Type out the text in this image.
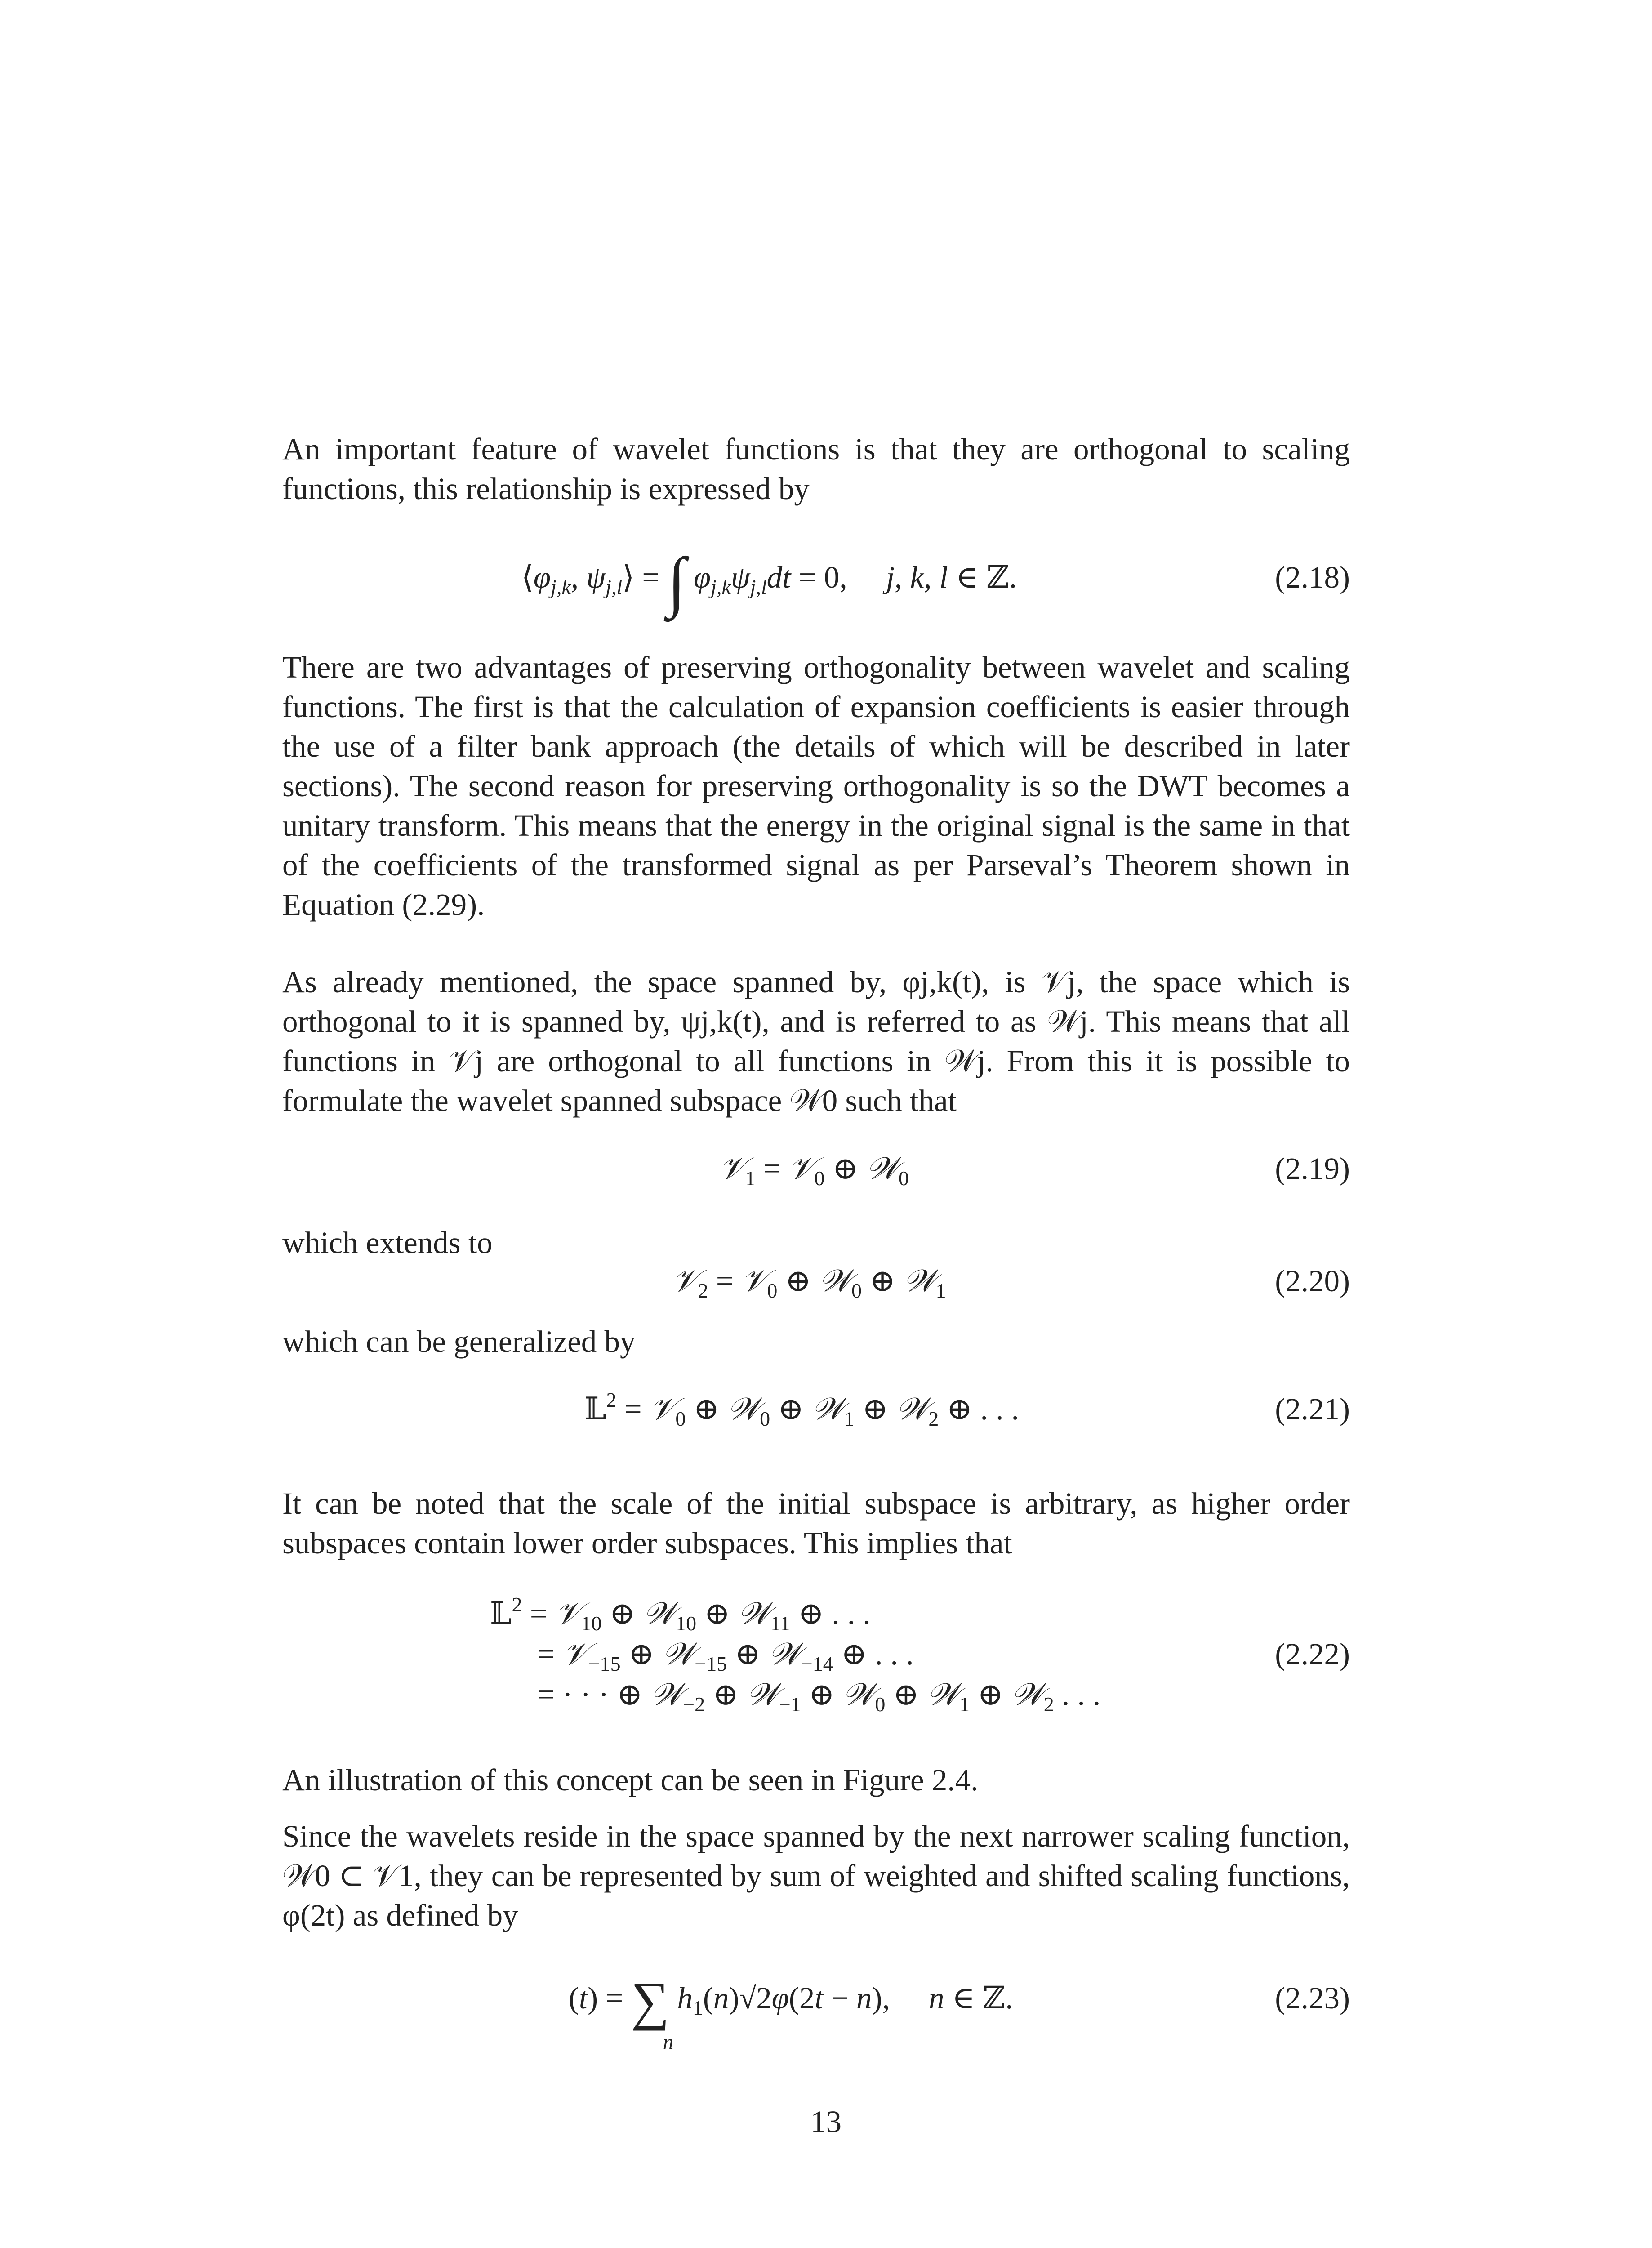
An important feature of wavelet functions is that they are orthogonal to scaling functions, this relationship is expressed by

$⟨\varphi_{j,k}$, $\psi_{j,l}⟩$ = ∫ $\varphi_{j,k}\psi_{j,l}dt = 0$,     j, k, l ∈ ℤ.	(2.18)

There are two advantages of preserving orthogonality between wavelet and scaling functions. The first is that the calculation of expansion coefficients is easier through the use of a filter bank approach (the details of which will be described in later sections). The second reason for preserving orthogonality is so the DWT becomes a unitary transform. This means that the energy in the original signal is the same in that of the coefficients of the transformed signal as per Parseval’s Theorem shown in Equation (2.29).

As already mentioned, the space spanned by, φj,k(t), is 𝒱j, the space which is orthogonal to it is spanned by, ψj,k(t), and is referred to as 𝒲j. This means that all functions in 𝒱j are orthogonal to all functions in 𝒲j. From this it is possible to formulate the wavelet spanned subspace 𝒲0 such that

𝒱$_1$ = 𝒱$_0$ ⊕ 𝒲$_0$	(2.19)

which extends to

𝒱$_2$ = 𝒱$_0$ ⊕ 𝒲$_0$ ⊕ 𝒲$_1$	(2.20)

which can be generalized by

𝕃$^2$ = 𝒱$_0$ ⊕ 𝒲$_0$ ⊕ 𝒲$_1$ ⊕ 𝒲$_2$ ⊕ . . .	(2.21)

It can be noted that the scale of the initial subspace is arbitrary, as higher order subspaces contain lower order subspaces. This implies that

𝕃$^2$ = 𝒱$_{10}$ ⊕ 𝒲$_{10}$ ⊕ 𝒲$_{11}$ ⊕ . . .
= 𝒱$_{-15}$ ⊕ 𝒲$_{-15}$ ⊕ 𝒲$_{-14}$ ⊕ . . .
= · · · ⊕ 𝒲$_{-2}$ ⊕ 𝒲$_{-1}$ ⊕ 𝒲$_0$ ⊕ 𝒲$_1$ ⊕ 𝒲$_2$ . . .
(2.22)

An illustration of this concept can be seen in Figure 2.4.

Since the wavelets reside in the space spanned by the next narrower scaling function, 𝒲0 ⊂ 𝒱1, they can be represented by sum of weighted and shifted scaling functions, φ(2t) as defined by

(t) = ∑ $h_1(n)√2\varphi(2t - n)$,     n ∈ ℤ.
n
(2.23)
13
